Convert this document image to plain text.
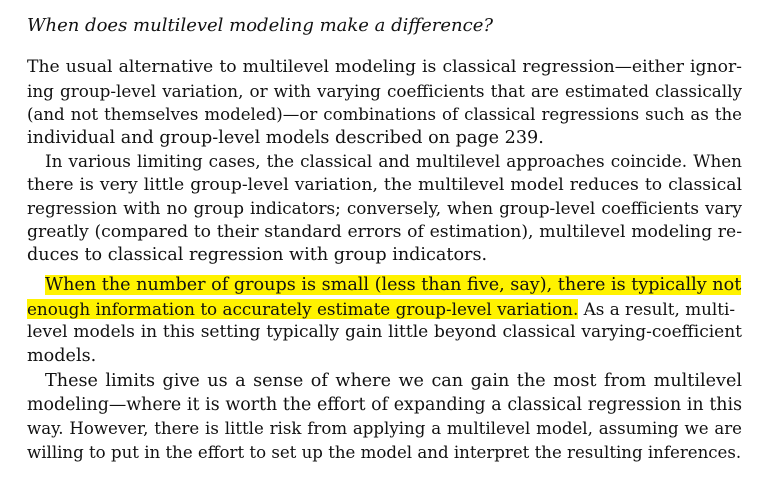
When does multilevel modeling make a difference?
The usual alternative to multilevel modeling is classical regression—either ignor-
ing group-level variation, or with varying coefficients that are estimated classically
(and not themselves modeled)—or combinations of classical regressions such as the
individual and group-level models described on page 239.
In various limiting cases, the classical and multilevel approaches coincide. When
there is very little group-level variation, the multilevel model reduces to classical
regression with no group indicators; conversely, when group-level coefficients vary
greatly (compared to their standard errors of estimation), multilevel modeling re-
duces to classical regression with group indicators.
When the number of groups is small (less than five, say), there is typically not
enough information to accurately estimate group-level variation. As a result, multi-
level models in this setting typically gain little beyond classical varying-coefficient
models.
These limits give us a sense of where we can gain the most from multilevel
modeling—where it is worth the effort of expanding a classical regression in this
way. However, there is little risk from applying a multilevel model, assuming we are
willing to put in the effort to set up the model and interpret the resulting inferences.
